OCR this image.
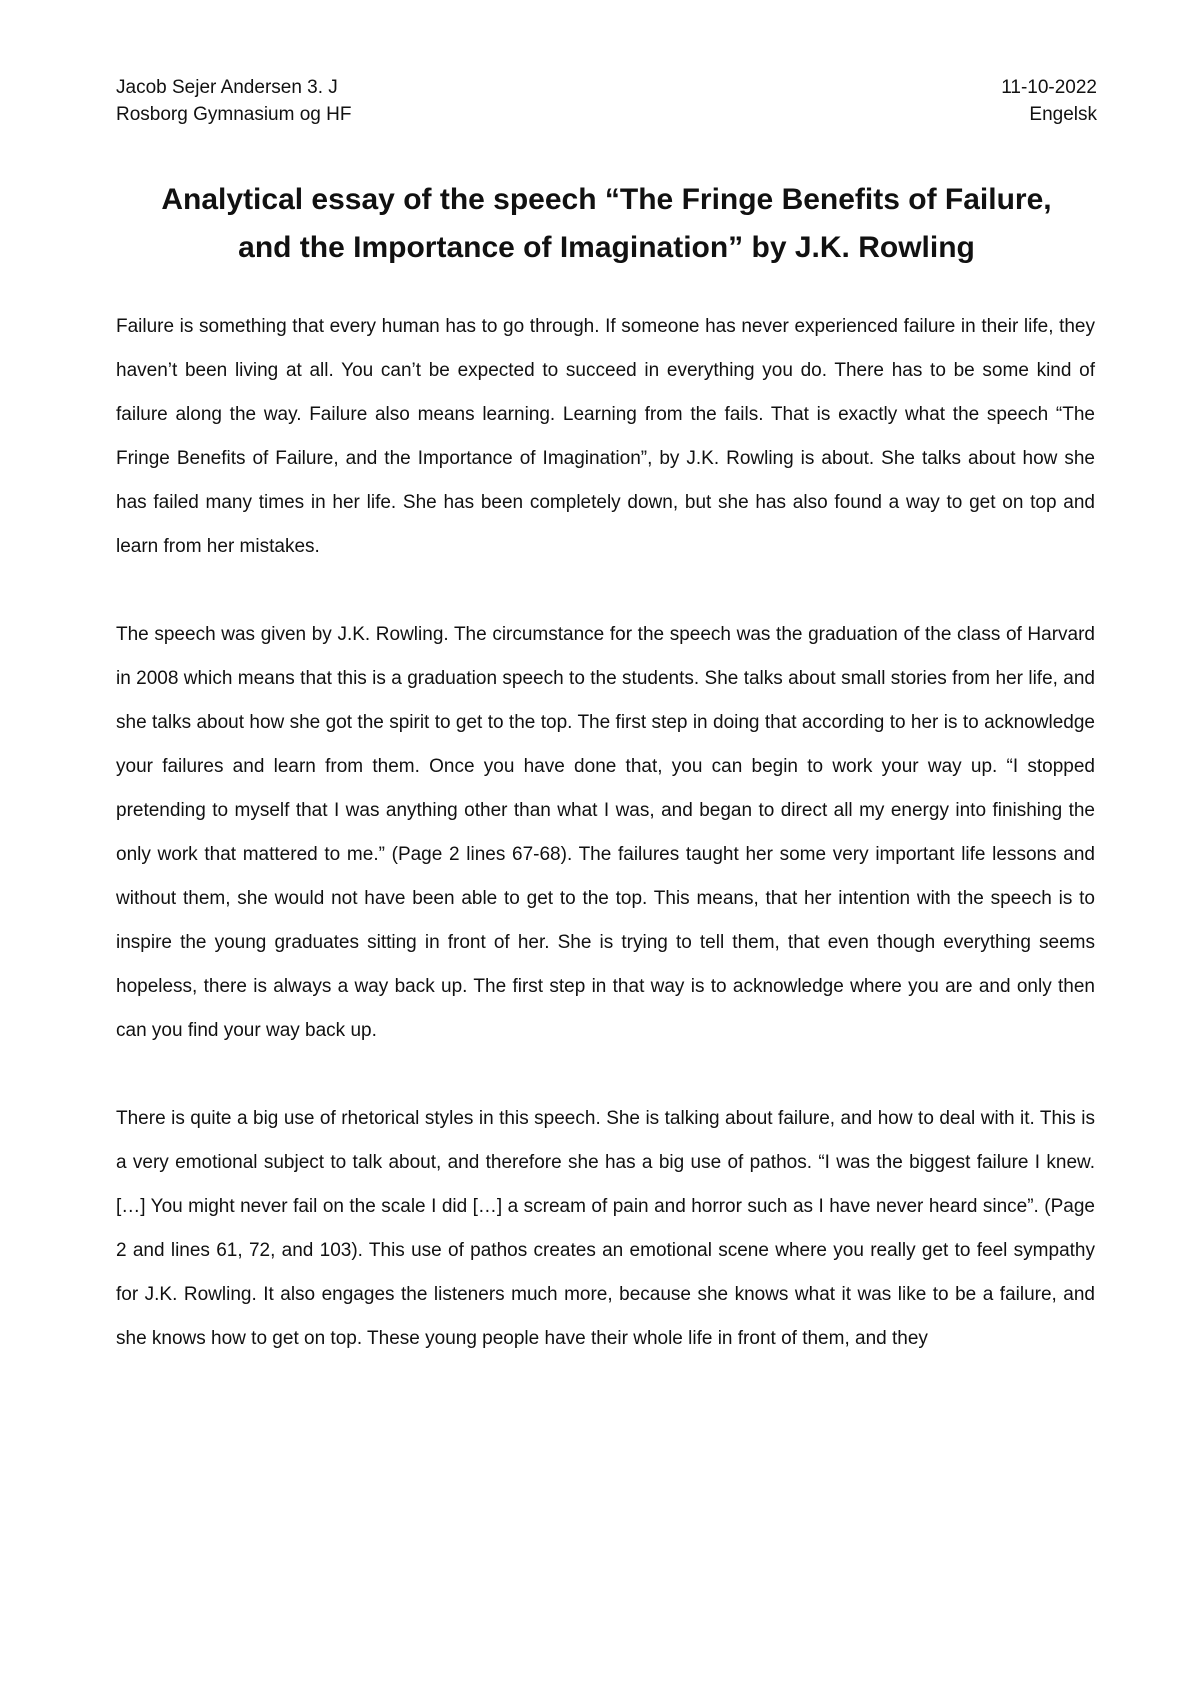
Jacob Sejer Andersen 3. J	11-10-2022
Rosborg Gymnasium og HF	Engelsk
Analytical essay of the speech “The Fringe Benefits of Failure,
and the Importance of Imagination” by J.K. Rowling

Failure is something that every human has to go through. If someone has never experienced failure in their life, they haven’t been living at all. You can’t be expected to succeed in everything you do. There has to be some kind of failure along the way. Failure also means learning. Learning from the fails. That is exactly what the speech “The Fringe Benefits of Failure, and the Importance of Imagination”, by J.K. Rowling is about. She talks about how she has failed many times in her life. She has been completely down, but she has also found a way to get on top and learn from her mistakes.

The speech was given by J.K. Rowling. The circumstance for the speech was the graduation of the class of Harvard in 2008 which means that this is a graduation speech to the students. She talks about small stories from her life, and she talks about how she got the spirit to get to the top. The first step in doing that according to her is to acknowledge your failures and learn from them. Once you have done that, you can begin to work your way up. “I stopped pretending to myself that I was anything other than what I was, and began to direct all my energy into finishing the only work that mattered to me.” (Page 2 lines 67-68). The failures taught her some very important life lessons and without them, she would not have been able to get to the top. This means, that her intention with the speech is to inspire the young graduates sitting in front of her. She is trying to tell them, that even though everything seems hopeless, there is always a way back up. The first step in that way is to acknowledge where you are and only then can you find your way back up.

There is quite a big use of rhetorical styles in this speech. She is talking about failure, and how to deal with it. This is a very emotional subject to talk about, and therefore she has a big use of pathos. “I was the biggest failure I knew. […] You might never fail on the scale I did […] a scream of pain and horror such as I have never heard since”. (Page 2 and lines 61, 72, and 103). This use of pathos creates an emotional scene where you really get to feel sympathy for J.K. Rowling. It also engages the listeners much more, because she knows what it was like to be a failure, and she knows how to get on top. These young people have their whole life in front of them, and they
